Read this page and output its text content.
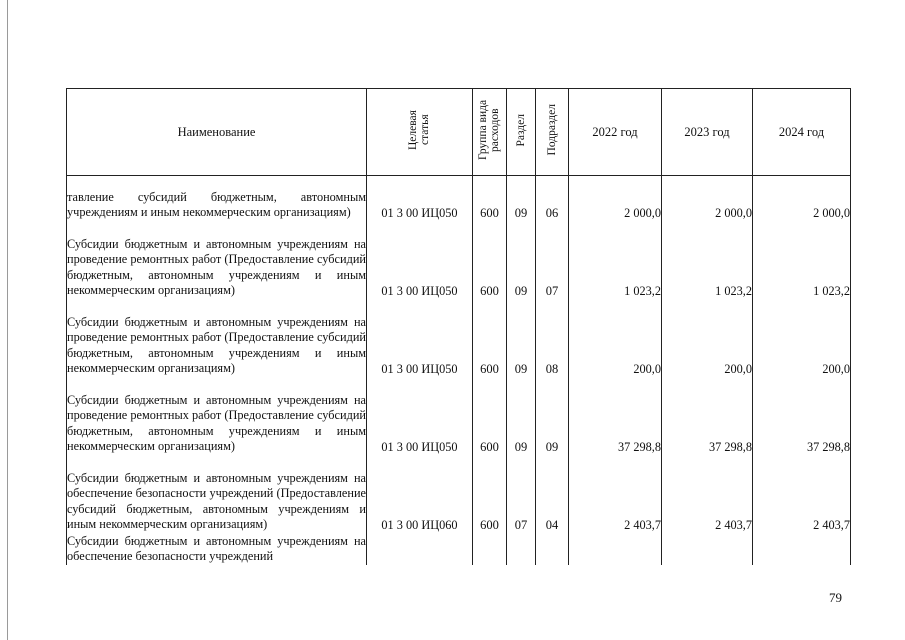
Наименование	Целевая статья	Группа вида расходов	Раздел	Подраздел	2022 год	2023 год	2024 год

тавление субсидий бюджетным, автономным учреждениям и иным некоммерческим организациям)	01 3 00 ИЦ050	600	09	06	2 000,0	2 000,0	2 000,0

Субсидии бюджетным и автономным учреждениям на проведение ремонтных работ (Предоставление субсидий бюджетным, автономным учреждениям и иным некоммерческим организациям)	01 3 00 ИЦ050	600	09	07	1 023,2	1 023,2	1 023,2

Субсидии бюджетным и автономным учреждениям на проведение ремонтных работ (Предоставление субсидий бюджетным, автономным учреждениям и иным некоммерческим организациям)	01 3 00 ИЦ050	600	09	08	200,0	200,0	200,0

Субсидии бюджетным и автономным учреждениям на проведение ремонтных работ (Предоставление субсидий бюджетным, автономным учреждениям и иным некоммерческим организациям)	01 3 00 ИЦ050	600	09	09	37 298,8	37 298,8	37 298,8

Субсидии бюджетным и автономным учреждениям на обеспечение безопасности учреждений (Предоставление субсидий бюджетным, автономным учреждениям и иным некоммерческим организациям)	01 3 00 ИЦ060	600	07	04	2 403,7	2 403,7	2 403,7

Субсидии бюджетным и автономным учреждениям на обеспечение безопасности учреждений							

79
